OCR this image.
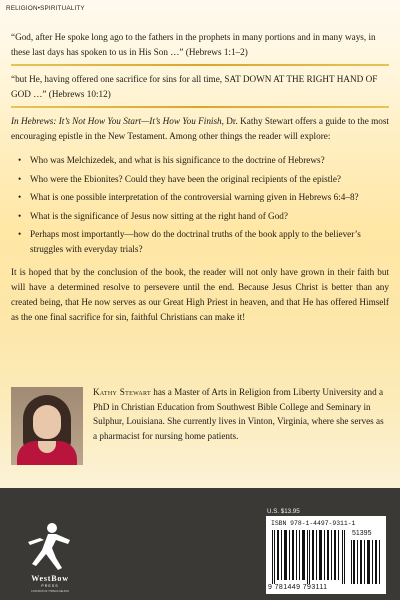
RELIGION•SPIRITUALITY

“God, after He spoke long ago to the fathers in the prophets in many portions and in many ways, in these last days has spoken to us in His Son …” (Hebrews 1:1–2)

“but He, having offered one sacrifice for sins for all time, SAT DOWN AT THE RIGHT HAND OF GOD …” (Hebrews 10:12)

In Hebrews: It’s Not How You Start—It’s How You Finish, Dr. Kathy Stewart offers a guide to the most encouraging epistle in the New Testament. Among other things the reader will explore:

• Who was Melchizedek, and what is his significance to the doctrine of Hebrews?
• Who were the Ebionites? Could they have been the original recipients of the epistle?
• What is one possible interpretation of the controversial warning given in Hebrews 6:4–8?
• What is the significance of Jesus now sitting at the right hand of God?
• Perhaps most importantly—how do the doctrinal truths of the book apply to the believer’s struggles with everyday trials?

It is hoped that by the conclusion of the book, the reader will not only have grown in their faith but will have a determined resolve to persevere until the end. Because Jesus Christ is better than any created being, that He now serves as our Great High Priest in heaven, and that He has offered Himself as the one final sacrifice for sin, faithful Christians can make it!

Kathy Stewart has a Master of Arts in Religion from Liberty University and a PhD in Christian Education from Southwest Bible College and Seminary in Sulphur, Louisiana. She currently lives in Vinton, Virginia, where she serves as a pharmacist for nursing home patients.

WestBow
PRESS
A DIVISION OF THOMAS NELSON
U.S. $13.95
ISBN 978-1-4497-9311-1
51395
9 781449 793111
